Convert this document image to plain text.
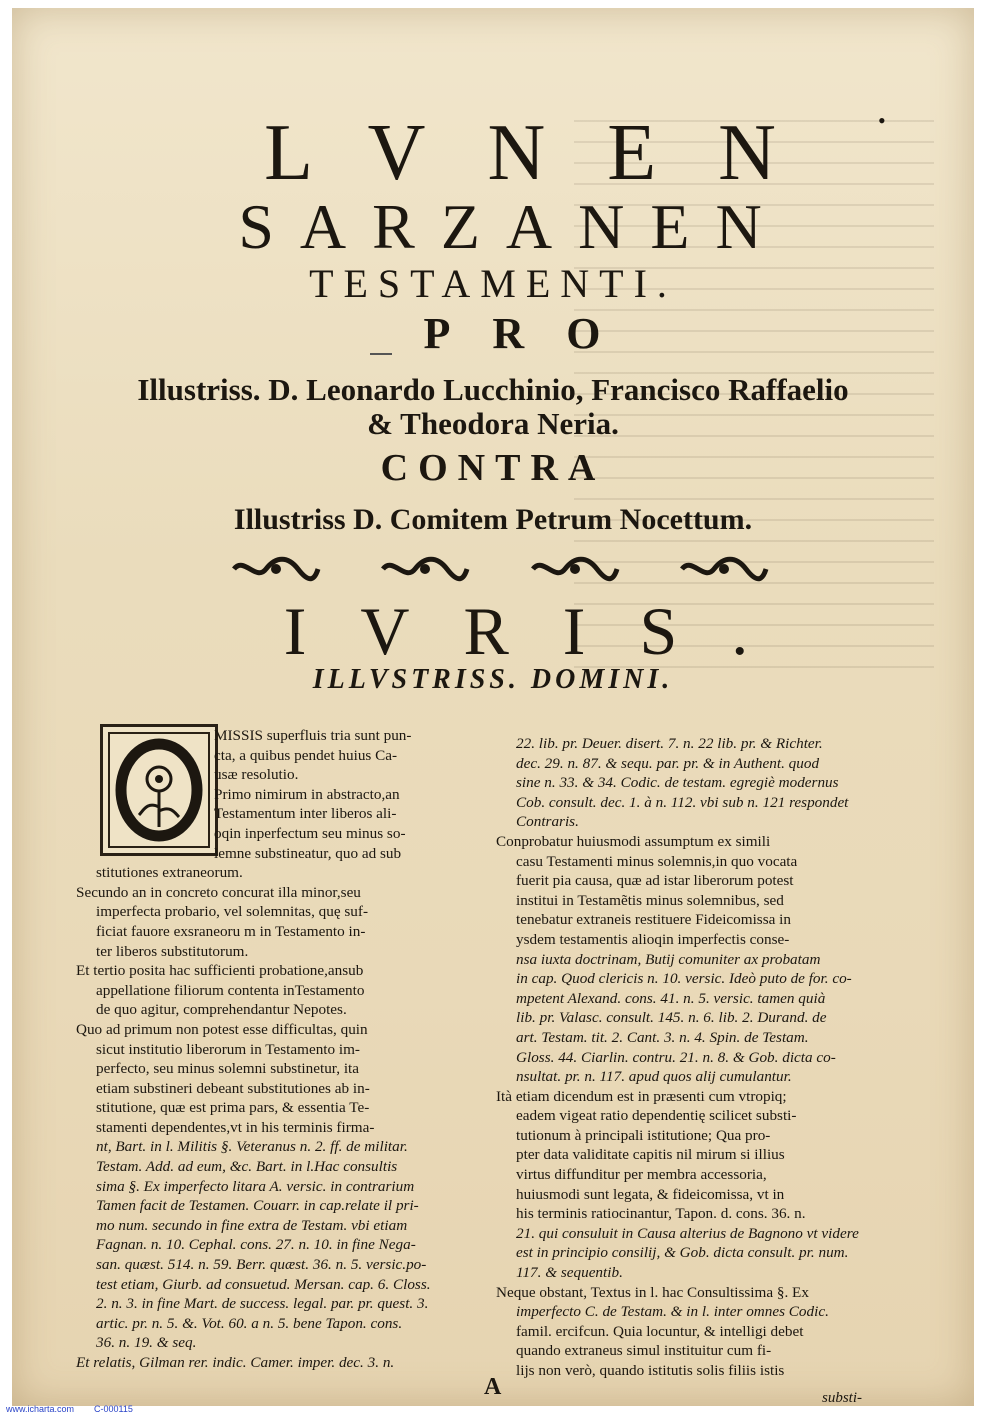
•
LVNEN
SARZANEN
TESTAMENTI.
PRO
Illustriss. D. Leonardo Lucchinio, Francisco Raffaelio
& Theodora Neria.
CONTRA
Illustriss D. Comitem Petrum Nocettum.
IVRIS.
ILLVSTRISS. DOMINI.

MISSIS superfluis tria sunt pun-

cta, a quibus pendet huius Ca-

usæ resolutio.

Primo nimirum in abstracto,an

Testamentum inter liberos ali-

oqin inperfectum seu minus so-

lemne substineatur, quo ad sub

stitutiones extraneorum.

Secundo an in concreto concurat illa minor,seu

imperfecta probario, vel solemnitas, quę suf-

ficiat fauore exsraneoru m in Testamento in-

ter liberos substitutorum.

Et tertio posita hac sufficienti probatione,ansub

appellatione filiorum contenta inTestamento

de quo agitur, comprehendantur Nepotes.

Quo ad primum non potest esse difficultas, quin

sicut institutio liberorum in Testamento im-

perfecto, seu minus solemni substinetur, ita

etiam substineri debeant substitutiones ab in-

stitutione, quæ est prima pars, & essentia Te-

stamenti dependentes,vt in his terminis firma-

nt, Bart. in l. Militis §. Veteranus n. 2. ff. de militar.

Testam. Add. ad eum, &c. Bart. in l.Hac consultis

sima §. Ex imperfecto litara A. versic. in contrarium

Tamen facit de Testamen. Couarr. in cap.relate il pri-

mo num. secundo in fine extra de Testam. vbi etiam

Fagnan. n. 10. Cephal. cons. 27. n. 10. in fine Nega-

san. quæst. 514. n. 59. Berr. quæst. 36. n. 5. versic.po-

test etiam, Giurb. ad consuetud. Mersan. cap. 6. Closs.

2. n. 3. in fine Mart. de success. legal. par. pr. quest. 3.

artic. pr. n. 5. &. Vot. 60. a n. 5. bene Tapon. cons.

36. n. 19. & seq.

Et relatis, Gilman rer. indic. Camer. imper. dec. 3. n.

22. lib. pr. Deuer. disert. 7. n. 22 lib. pr. & Richter.

dec. 29. n. 87. & sequ. par. pr. & in Authent. quod

sine n. 33. & 34. Codic. de testam. egregiè modernus

Cob. consult. dec. 1. à n. 112. vbi sub n. 121 respondet

Contraris.

Conprobatur huiusmodi assumptum ex simili

casu Testamenti minus solemnis,in quo vocata

fuerit pia causa, quæ ad istar liberorum potest

institui in Testamẽtis minus solemnibus, sed

tenebatur extraneis restituere Fideicomissa in

ysdem testamentis alioqin imperfectis conse-

nsa iuxta doctrinam, Butij comuniter ax probatam

in cap. Quod clericis n. 10. versic. Ideò puto de for. co-

mpetent Alexand. cons. 41. n. 5. versic. tamen quià

lib. pr. Valasc. consult. 145. n. 6. lib. 2. Durand. de

art. Testam. tit. 2. Cant. 3. n. 4. Spin. de Testam.

Gloss. 44. Ciarlin. contru. 21. n. 8. & Gob. dicta co-

nsultat. pr. n. 117. apud quos alij cumulantur.

Ità etiam dicendum est in præsenti cum vtropiq;

eadem vigeat ratio dependentię scilicet substi-

tutionum à principali istitutione; Qua pro-

pter data validitate capitis nil mirum si illius

virtus diffunditur per membra accessoria,

huiusmodi sunt legata, & fideicomissa, vt in

his terminis ratiocinantur, Tapon. d. cons. 36. n.

21. qui consuluit in Causa alterius de Bagnono vt videre

est in principio consilij, & Gob. dicta consult. pr. num.

117. & sequentib.

Neque obstant, Textus in l. hac Consultissima §. Ex

imperfecto C. de Testam. & in l. inter omnes Codic.

famil. ercifcun. Quia locuntur, & intelligi debet

quando extraneus simul instituitur cum fi-

lijs non verò, quando istitutis solis filiis istis

A	substi-
www.icharta.com C-000115
